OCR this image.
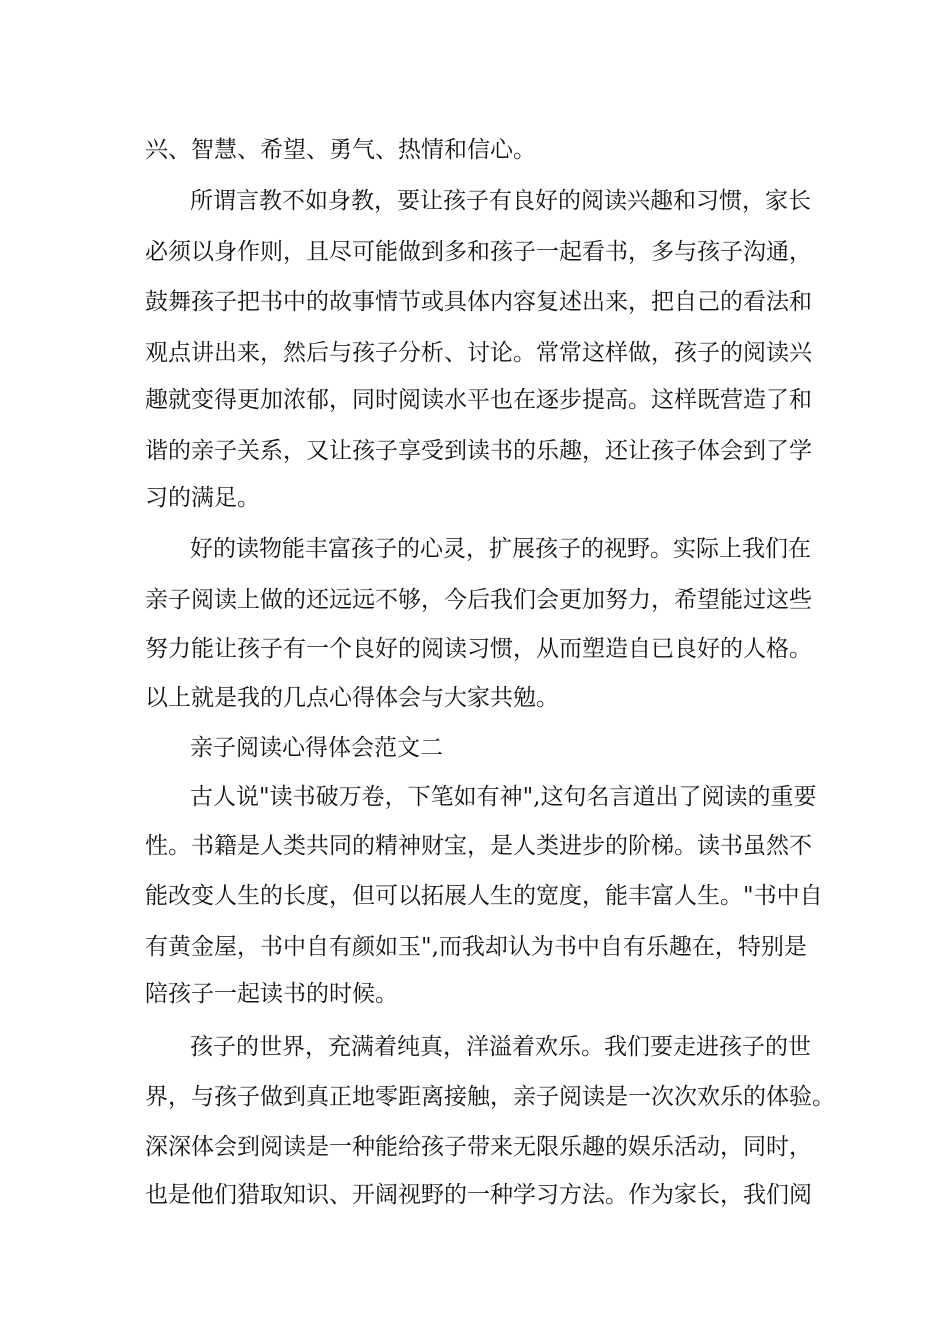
兴、智慧、希望、勇气、热情和信心。

所谓言教不如身教，要让孩子有良好的阅读兴趣和习惯，家长

必须以身作则，且尽可能做到多和孩子一起看书，多与孩子沟通，

鼓舞孩子把书中的故事情节或具体内容复述出来，把自己的看法和

观点讲出来，然后与孩子分析、讨论。常常这样做，孩子的阅读兴

趣就变得更加浓郁，同时阅读水平也在逐步提高。这样既营造了和

谐的亲子关系，又让孩子享受到读书的乐趣，还让孩子体会到了学

习的满足。

好的读物能丰富孩子的心灵，扩展孩子的视野。实际上我们在

亲子阅读上做的还远远不够，今后我们会更加努力，希望能过这些

努力能让孩子有一个良好的阅读习惯，从而塑造自已良好的人格。

以上就是我的几点心得体会与大家共勉。

亲子阅读心得体会范文二

古人说"读书破万卷，下笔如有神",这句名言道出了阅读的重要

性。书籍是人类共同的精神财宝，是人类进步的阶梯。读书虽然不

能改变人生的长度，但可以拓展人生的宽度，能丰富人生。"书中自

有黄金屋，书中自有颜如玉",而我却认为书中自有乐趣在，特别是

陪孩子一起读书的时候。

孩子的世界，充满着纯真，洋溢着欢乐。我们要走进孩子的世

界，与孩子做到真正地零距离接触，亲子阅读是一次次欢乐的体验。

深深体会到阅读是一种能给孩子带来无限乐趣的娱乐活动，同时，

也是他们猎取知识、开阔视野的一种学习方法。作为家长，我们阅
